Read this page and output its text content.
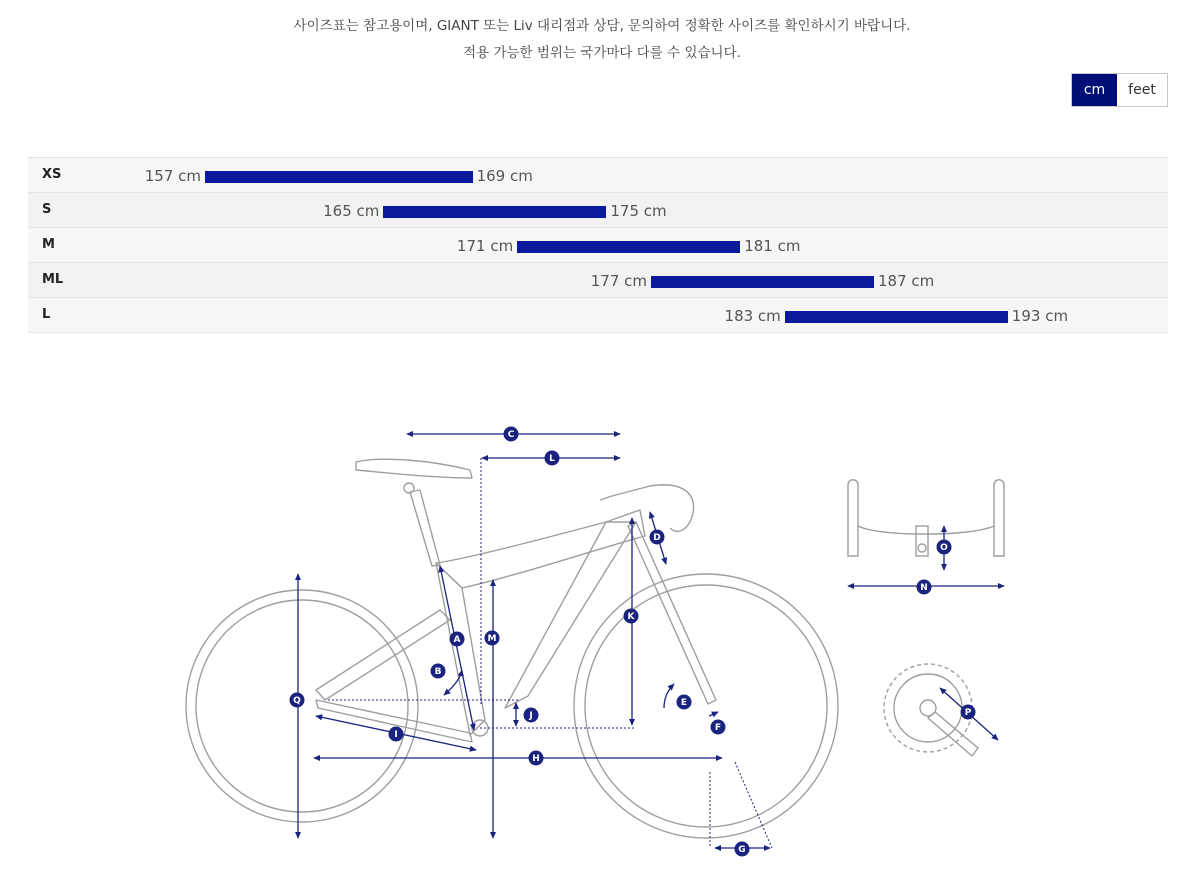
사이즈표는 참고용이며, GIANT 또는 Liv 대리점과 상담, 문의하여 정확한 사이즈를 확인하시기 바랍니다.
적용 가능한 범위는 국가마다 다를 수 있습니다.
cm	feet
XS	157 cm	169 cm
S	165 cm	175 cm
M	171 cm	181 cm
ML	177 cm	187 cm
L	183 cm	193 cm
A
B
C
D
E
F
G
H
I
J
K
L
M
O
N
P
Q
